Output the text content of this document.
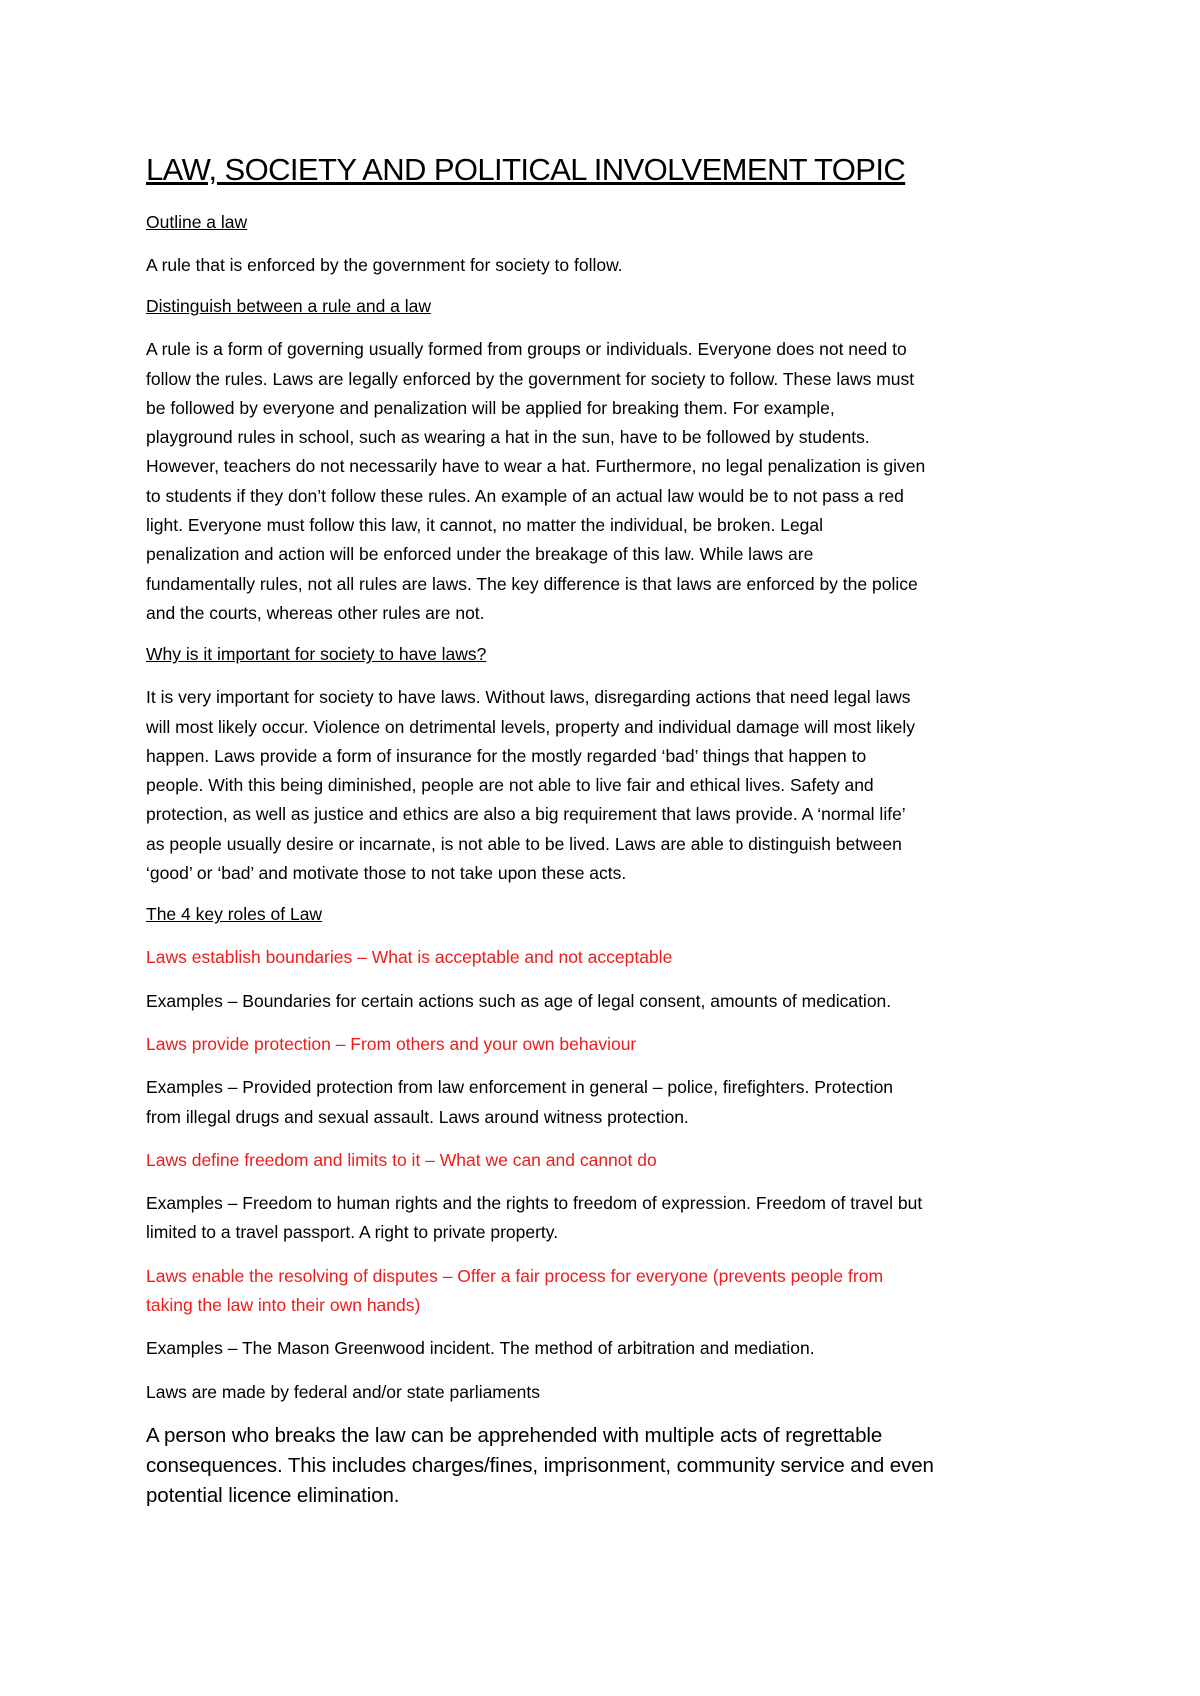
LAW, SOCIETY AND POLITICAL INVOLVEMENT TOPIC
Outline a law
A rule that is enforced by the government for society to follow.
Distinguish between a rule and a law
A rule is a form of governing usually formed from groups or individuals. Everyone does not need to
follow the rules. Laws are legally enforced by the government for society to follow. These laws must
be followed by everyone and penalization will be applied for breaking them. For example,
playground rules in school, such as wearing a hat in the sun, have to be followed by students.
However, teachers do not necessarily have to wear a hat. Furthermore, no legal penalization is given
to students if they don’t follow these rules. An example of an actual law would be to not pass a red
light. Everyone must follow this law, it cannot, no matter the individual, be broken. Legal
penalization and action will be enforced under the breakage of this law. While laws are
fundamentally rules, not all rules are laws. The key difference is that laws are enforced by the police
and the courts, whereas other rules are not.
Why is it important for society to have laws?
It is very important for society to have laws. Without laws, disregarding actions that need legal laws
will most likely occur. Violence on detrimental levels, property and individual damage will most likely
happen. Laws provide a form of insurance for the mostly regarded ‘bad’ things that happen to
people. With this being diminished, people are not able to live fair and ethical lives. Safety and
protection, as well as justice and ethics are also a big requirement that laws provide. A ‘normal life’
as people usually desire or incarnate, is not able to be lived. Laws are able to distinguish between
‘good’ or ‘bad’ and motivate those to not take upon these acts.
The 4 key roles of Law
Laws establish boundaries – What is acceptable and not acceptable
Examples – Boundaries for certain actions such as age of legal consent, amounts of medication.
Laws provide protection – From others and your own behaviour
Examples – Provided protection from law enforcement in general – police, firefighters. Protection
from illegal drugs and sexual assault. Laws around witness protection.
Laws define freedom and limits to it – What we can and cannot do
Examples – Freedom to human rights and the rights to freedom of expression. Freedom of travel but
limited to a travel passport. A right to private property.
Laws enable the resolving of disputes – Offer a fair process for everyone (prevents people from
taking the law into their own hands)
Examples – The Mason Greenwood incident. The method of arbitration and mediation.
Laws are made by federal and/or state parliaments
A person who breaks the law can be apprehended with multiple acts of regrettable
consequences. This includes charges/fines, imprisonment, community service and even
potential licence elimination.
